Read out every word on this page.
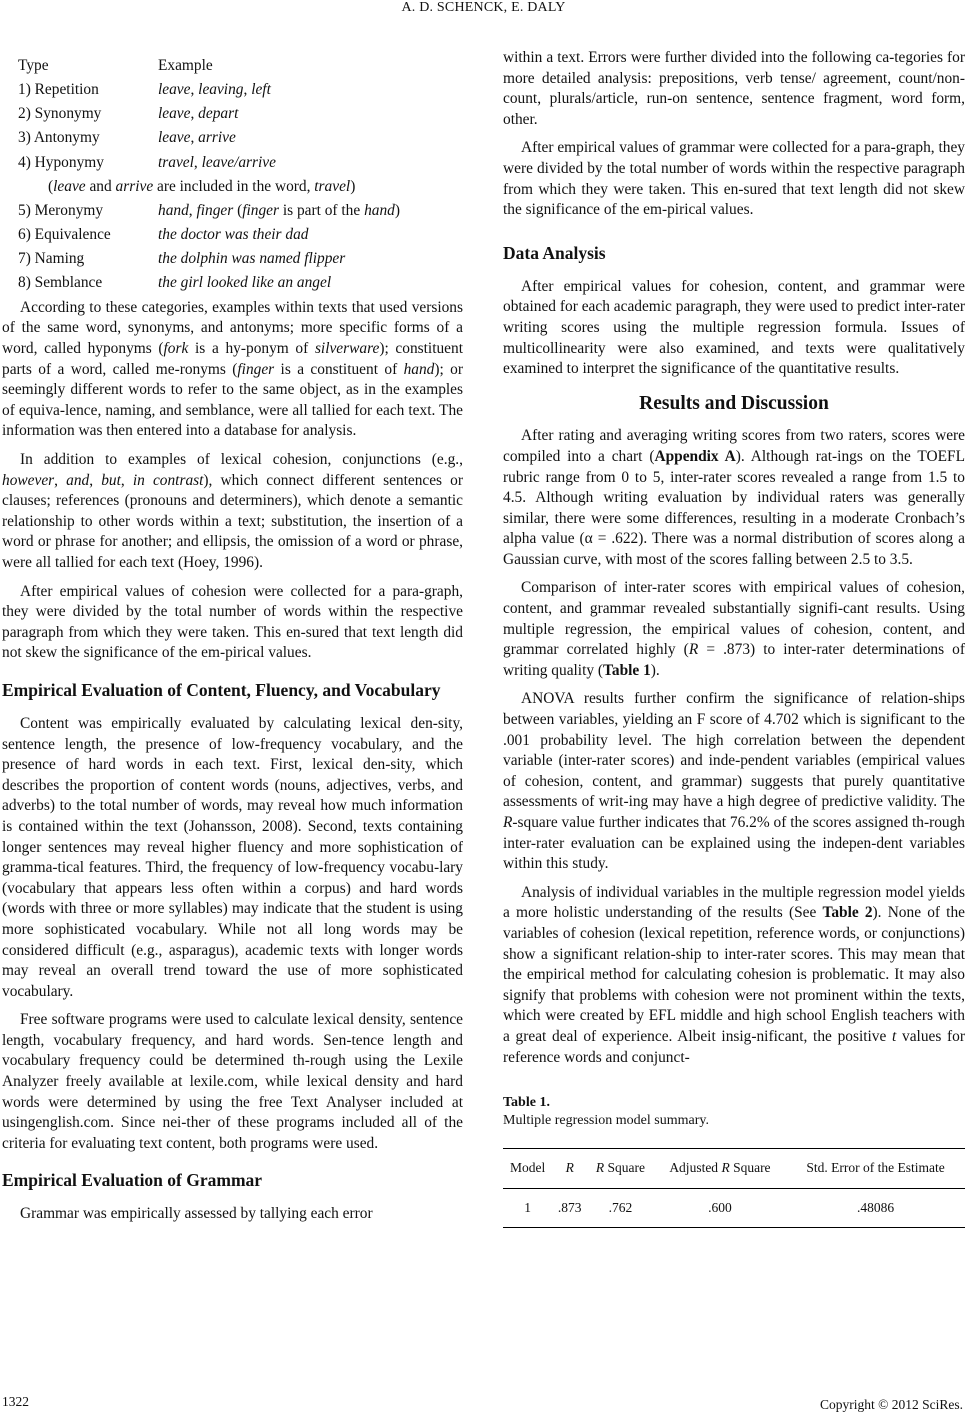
A. D. SCHENCK, E. DALY
Type	Example
1) Repetition	leave, leaving, left
2) Synonymy	leave, depart
3) Antonymy	leave, arrive
4) Hyponymy	travel, leave/arrive
(leave and arrive are included in the word, travel)
5) Meronymy	hand, finger (finger is part of the hand)
6) Equivalence	the doctor was their dad
7) Naming	the dolphin was named flipper
8) Semblance	the girl looked like an angel

According to these categories, examples within texts that used versions of the same word, synonyms, and antonyms; more specific forms of a word, called hyponyms (fork is a hy-ponym of silverware); constituent parts of a word, called me-ronyms (finger is a constituent of hand); or seemingly different words to refer to the same object, as in the examples of equiva-lence, naming, and semblance, were all tallied for each text. The information was then entered into a database for analysis.

In addition to examples of lexical cohesion, conjunctions (e.g., however, and, but, in contrast), which connect different sentences or clauses; references (pronouns and determiners), which denote a semantic relationship to other words within a text; substitution, the insertion of a word or phrase for another; and ellipsis, the omission of a word or phrase, were all tallied for each text (Hoey, 1996).

After empirical values of cohesion were collected for a para-graph, they were divided by the total number of words within the respective paragraph from which they were taken. This en-sured that text length did not skew the significance of the em-pirical values.

Empirical Evaluation of Content, Fluency, and Vocabulary

Content was empirically evaluated by calculating lexical den-sity, sentence length, the presence of low-frequency vocabulary, and the presence of hard words in each text. First, lexical den-sity, which describes the proportion of content words (nouns, adjectives, verbs, and adverbs) to the total number of words, may reveal how much information is contained within the text (Johansson, 2008). Second, texts containing longer sentences may reveal higher fluency and more sophistication of gramma-tical features. Third, the frequency of low-frequency vocabu-lary (vocabulary that appears less often within a corpus) and hard words (words with three or more syllables) may indicate that the student is using more sophisticated vocabulary. While not all long words may be considered difficult (e.g., asparagus), academic texts with longer words may reveal an overall trend toward the use of more sophisticated vocabulary.

Free software programs were used to calculate lexical density, sentence length, vocabulary frequency, and hard words. Sen-tence length and vocabulary frequency could be determined th-rough using the Lexile Analyzer freely available at lexile.com, while lexical density and hard words were determined by using the free Text Analyser included at usingenglish.com. Since nei-ther of these programs included all of the criteria for evaluating text content, both programs were used.

Empirical Evaluation of Grammar

Grammar was empirically assessed by tallying each error

within a text. Errors were further divided into the following ca-tegories for more detailed analysis: prepositions, verb tense/ agreement, count/non-count, plurals/article, run-on sentence, sentence fragment, word form, other.

After empirical values of grammar were collected for a para-graph, they were divided by the total number of words within the respective paragraph from which they were taken. This en-sured that text length did not skew the significance of the em-pirical values.

Data Analysis

After empirical values for cohesion, content, and grammar were obtained for each academic paragraph, they were used to predict inter-rater writing scores using the multiple regression formula. Issues of multicollinearity were also examined, and texts were qualitatively examined to interpret the significance of the quantitative results.

Results and Discussion

After rating and averaging writing scores from two raters, scores were compiled into a chart (Appendix A). Although rat-ings on the TOEFL rubric range from 0 to 5, inter-rater scores revealed a range from 1.5 to 4.5. Although writing evaluation by individual raters was generally similar, there were some differences, resulting in a moderate Cronbach’s alpha value (α = .622). There was a normal distribution of scores along a Gaussian curve, with most of the scores falling between 2.5 to 3.5.

Comparison of inter-rater scores with empirical values of cohesion, content, and grammar revealed substantially signifi-cant results. Using multiple regression, the empirical values of cohesion, content, and grammar correlated highly (R = .873) to inter-rater determinations of writing quality (Table 1).

ANOVA results further confirm the significance of relation-ships between variables, yielding an F score of 4.702 which is significant to the .001 probability level. The high correlation between the dependent variable (inter-rater scores) and inde-pendent variables (empirical values of cohesion, content, and grammar) suggests that purely quantitative assessments of writ-ing may have a high degree of predictive validity. The R-square value further indicates that 76.2% of the scores assigned th-rough inter-rater evaluation can be explained using the indepen-dent variables within this study.

Analysis of individual variables in the multiple regression model yields a more holistic understanding of the results (See Table 2). None of the variables of cohesion (lexical repetition, reference words, or conjunctions) show a significant relation-ship to inter-rater scores. This may mean that the empirical method for calculating cohesion is problematic. It may also signify that problems with cohesion were not prominent within the texts, which were created by EFL middle and high school English teachers with a great deal of experience. Albeit insig-nificant, the positive t values for reference words and conjunct-

Table 1.
Multiple regression model summary.
Model	R	R Square	Adjusted R Square	Std. Error of the Estimate
1	.873	.762	.600	.48086
1322	Copyright © 2012 SciRes.
